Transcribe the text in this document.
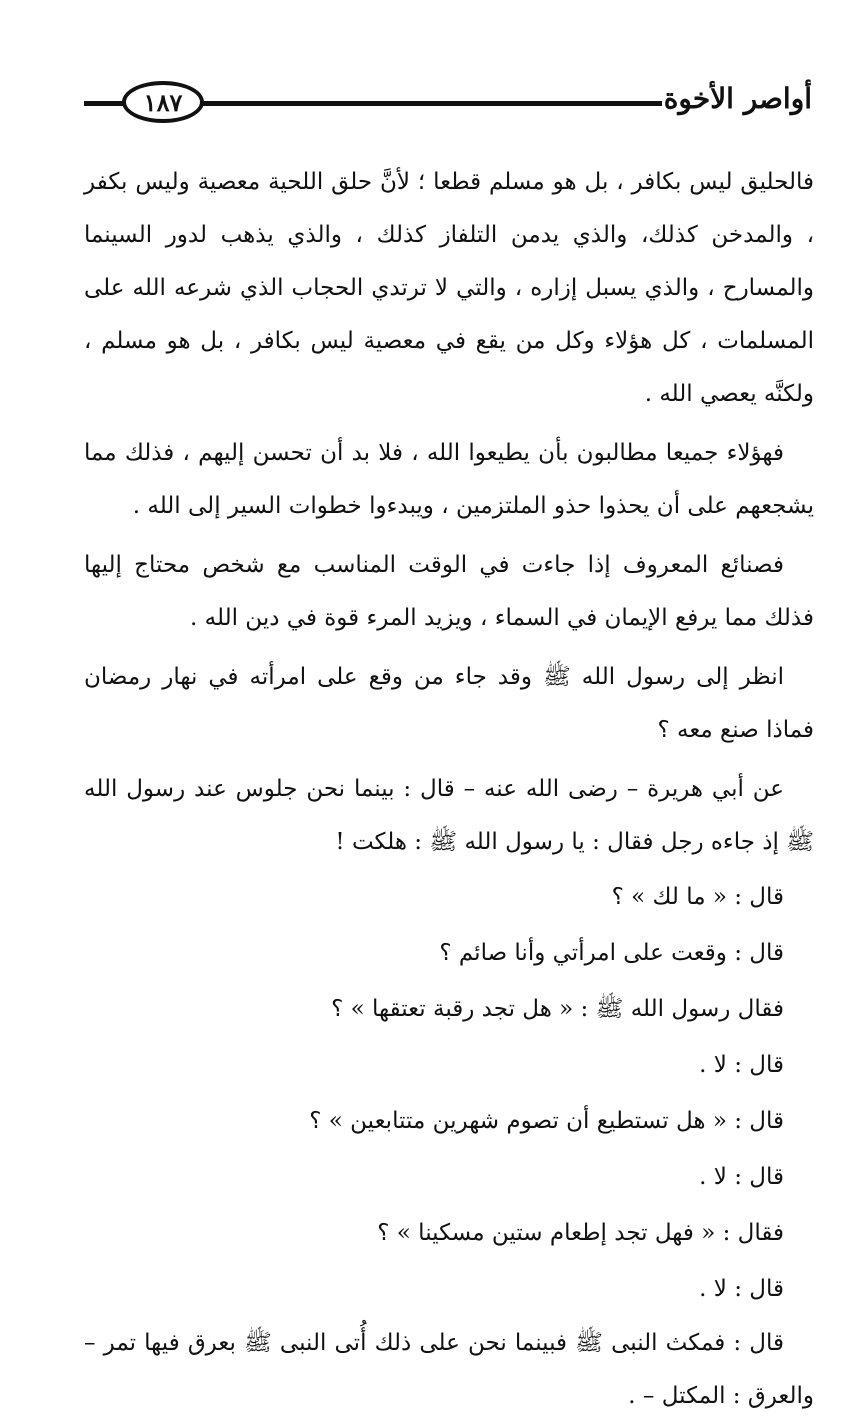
١٨٧	أواصر الأخوة

فالحليق ليس بكافر ، بل هو مسلم قطعا ؛ لأنَّ حلق اللحية معصية وليس بكفر ، والمدخن كذلك، والذي يدمن التلفاز كذلك ، والذي يذهب لدور السينما والمسارح ، والذي يسبل إزاره ، والتي لا ترتدي الحجاب الذي شرعه الله على المسلمات ، كل هؤلاء وكل من يقع في معصية ليس بكافر ، بل هو مسلم ، ولكنَّه يعصي الله .

فهؤلاء جميعا مطالبون بأن يطيعوا الله ، فلا بد أن تحسن إليهم ، فذلك مما يشجعهم على أن يحذوا حذو الملتزمين ، ويبدءوا خطوات السير إلى الله .

فصنائع المعروف إذا جاءت في الوقت المناسب مع شخص محتاج إليها فذلك مما يرفع الإيمان في السماء ، ويزيد المرء قوة في دين الله .

انظر إلى رسول الله ﷺ وقد جاء من وقع على امرأته في نهار رمضان فماذا صنع معه ؟

عن أبي هريرة – رضى الله عنه – قال : بينما نحن جلوس عند رسول الله ﷺ إذ جاءه رجل فقال : يا رسول الله ﷺ : هلكت !

قال : « ما لك » ؟

قال : وقعت على امرأتي وأنا صائم ؟

فقال رسول الله ﷺ : « هل تجد رقبة تعتقها » ؟

قال : لا .

قال : « هل تستطيع أن تصوم شهرين متتابعين » ؟

قال : لا .

فقال : « فهل تجد إطعام ستين مسكينا » ؟

قال : لا .

قال : فمكث النبى ﷺ فبينما نحن على ذلك أُتى النبى ﷺ بعرق فيها تمر – والعرق : المكتل – .
